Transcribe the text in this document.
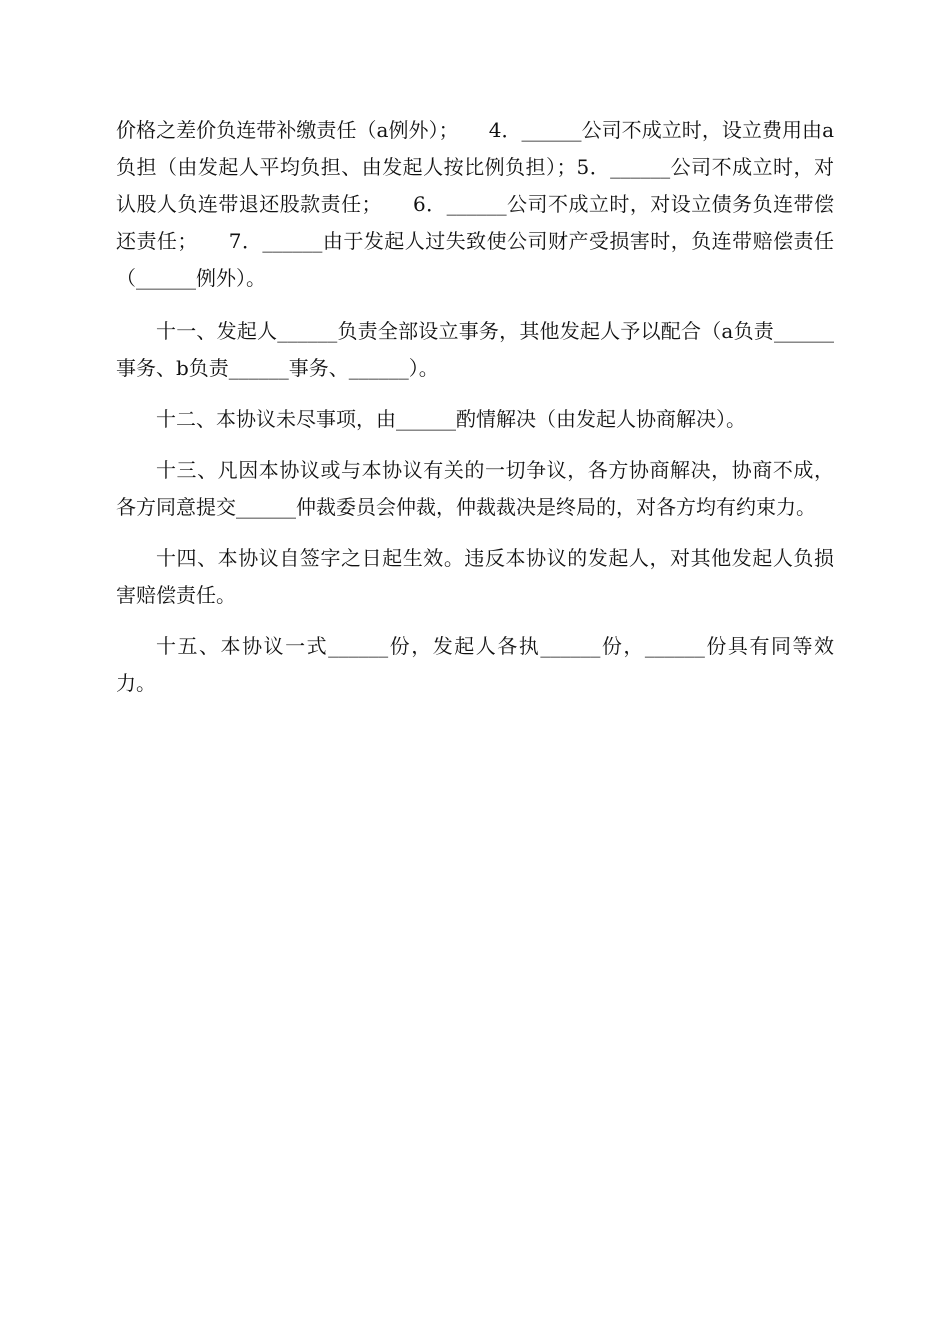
价格之差价负连带补缴责任（a例外）；　　4．______公司不成立时，设立费用由a负担（由发起人平均负担、由发起人按比例负担）；5．______公司不成立时，对认股人负连带退还股款责任；　　6．______公司不成立时，对设立债务负连带偿还责任；　　7．______由于发起人过失致使公司财产受损害时，负连带赔偿责任（______例外）。

十一、发起人______负责全部设立事务，其他发起人予以配合（a负责______事务、b负责______事务、______）。

十二、本协议未尽事项，由______酌情解决（由发起人协商解决）。

十三、凡因本协议或与本协议有关的一切争议，各方协商解决，协商不成，各方同意提交______仲裁委员会仲裁，仲裁裁决是终局的，对各方均有约束力。

十四、本协议自签字之日起生效。违反本协议的发起人，对其他发起人负损害赔偿责任。

十五、本协议一式______份，发起人各执______份，______份具有同等效力。
